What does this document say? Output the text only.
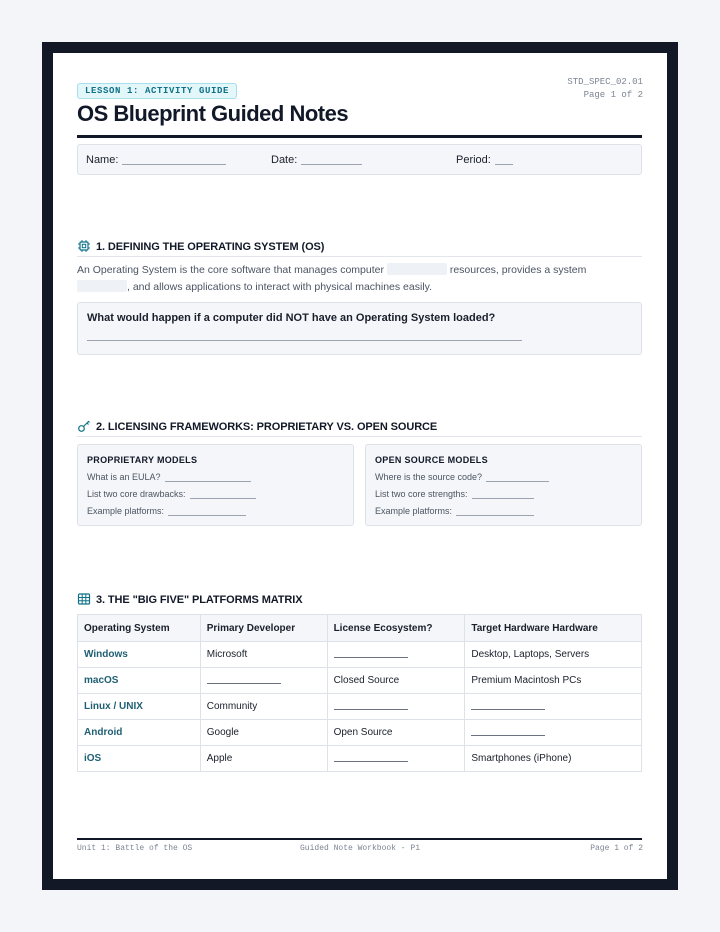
LESSON 1: ACTIVITY GUIDE
STD_SPEC_02.01
Page 1 of 2
OS Blueprint Guided Notes
Name:	Date:	Period:
1. DEFINING THE OPERATING SYSTEM (OS)
An Operating System is the core software that manages computer	resources, provides a system
, and allows applications to interact with physical machines easily.
What would happen if a computer did NOT have an Operating System loaded?
2. LICENSING FRAMEWORKS: PROPRIETARY VS. OPEN SOURCE
PROPRIETARY MODELS
What is an EULA?
List two core drawbacks:
Example platforms:
OPEN SOURCE MODELS
Where is the source code?
List two core strengths:
Example platforms:
3. THE "BIG FIVE" PLATFORMS MATRIX
Operating System	Primary Developer	License Ecosystem?	Target Hardware Hardware
Windows	Microsoft		Desktop, Laptops, Servers
macOS		Closed Source	Premium Macintosh PCs
Linux / UNIX	Community		
Android	Google	Open Source	
iOS	Apple		Smartphones (iPhone)
Unit 1: Battle of the OS	Guided Note Workbook - P1	Page 1 of 2
